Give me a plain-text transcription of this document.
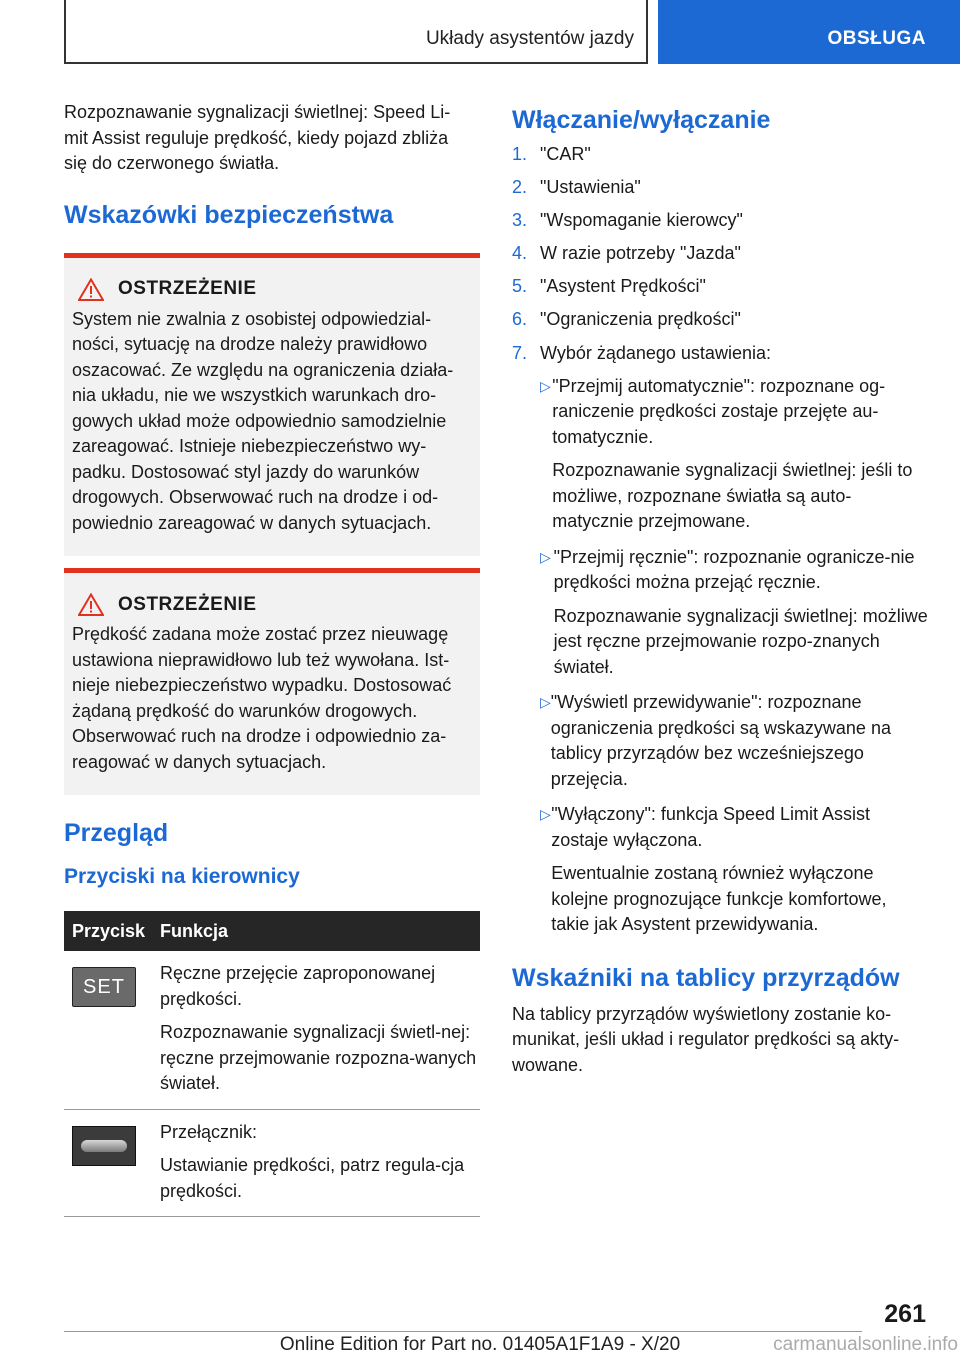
Układy asystentów jazdy	OBSŁUGA

Rozpoznawanie sygnalizacji świetlnej: Speed Li-mit Assist reguluje prędkość, kiedy pojazd zbliża się do czerwonego światła.

Wskazówki bezpieczeństwa
OSTRZEŻENIE

System nie zwalnia z osobistej odpowiedzial-ności, sytuację na drodze należy prawidłowo oszacować. Ze względu na ograniczenia działa-nia układu, nie we wszystkich warunkach dro-gowych układ może odpowiednio samodzielnie zareagować. Istnieje niebezpieczeństwo wy-padku. Dostosować styl jazdy do warunków drogowych. Obserwować ruch na drodze i od-powiednio zareagować w danych sytuacjach.

OSTRZEŻENIE

Prędkość zadana może zostać przez nieuwagę ustawiona nieprawidłowo lub też wywołana. Ist-nieje niebezpieczeństwo wypadku. Dostosować żądaną prędkość do warunków drogowych. Obserwować ruch na drodze i odpowiednio za-reagować w danych sytuacjach.

Przegląd
Przyciski na kierownicy
Przycisk Funkcja
SET

Ręczne przejęcie zaproponowanej prędkości.

Rozpoznawanie sygnalizacji świetl-nej: ręczne przejmowanie rozpozna-wanych świateł.

Przełącznik:

Ustawianie prędkości, patrz regula-cja prędkości.

Włączanie/wyłączanie
1. "CAR"

2. "Ustawienia"

3. "Wspomaganie kierowcy"

4. W razie potrzeby "Jazda"

5. "Asystent Prędkości"

6. "Ograniczenia prędkości"

7. Wybór żądanego ustawienia:

▷ "Przejmij automatycznie": rozpoznane og-raniczenie prędkości zostaje przejęte au-tomatycznie.

Rozpoznawanie sygnalizacji świetlnej: jeśli to możliwe, rozpoznane światła są auto-matycznie przejmowane.

▷ "Przejmij ręcznie": rozpoznanie ogranicze-nie prędkości można przejąć ręcznie.

Rozpoznawanie sygnalizacji świetlnej: możliwe jest ręczne przejmowanie rozpo-znanych świateł.

▷ "Wyświetl przewidywanie": rozpoznane ograniczenia prędkości są wskazywane na tablicy przyrządów bez wcześniejszego przejęcia.

▷ "Wyłączony": funkcja Speed Limit Assist zostaje wyłączona.

Ewentualnie zostaną również wyłączone kolejne prognozujące funkcje komfortowe, takie jak Asystent przewidywania.

Wskaźniki na tablicy przyrządów

Na tablicy przyrządów wyświetlony zostanie ko-munikat, jeśli układ i regulator prędkości są akty-wowane.

261
Online Edition for Part no. 01405A1F1A9 - X/20	carmanualsonline.info
